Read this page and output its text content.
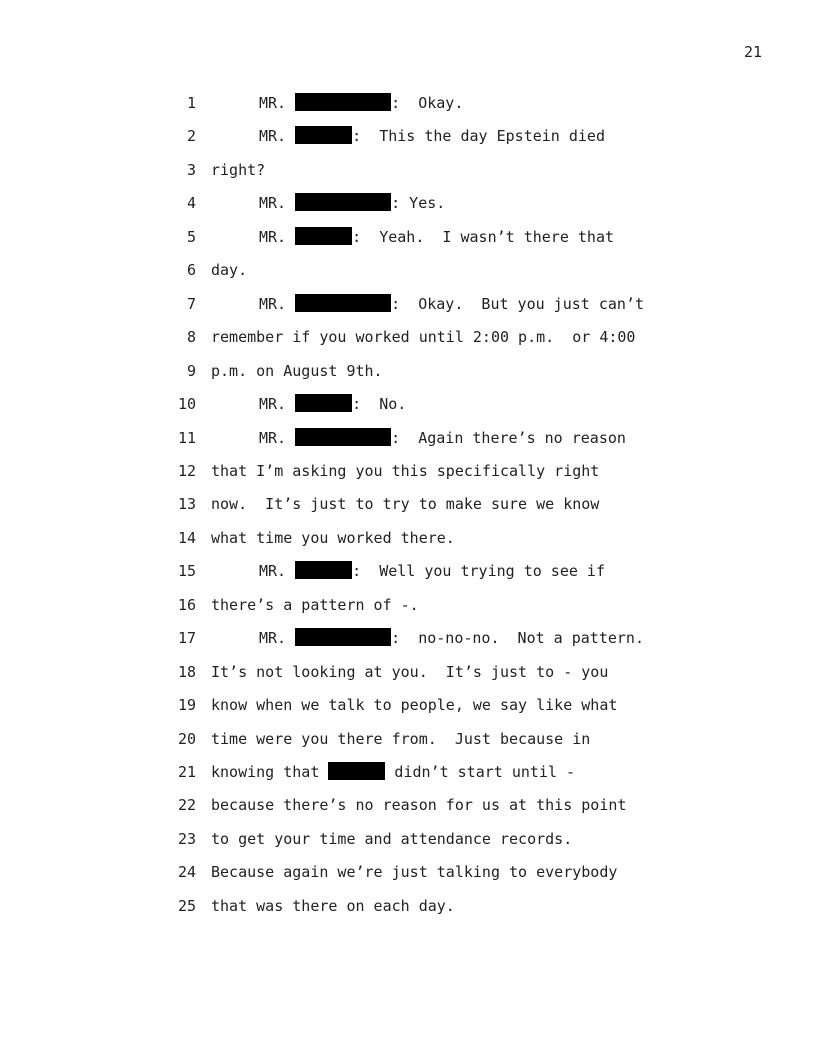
21
1	MR.	:  Okay.
2	MR.	:  This the day Epstein died
3 right?
4	MR.	: Yes.
5	MR.	:  Yeah.  I wasn’t there that
6 day.
7	MR.	:  Okay.  But you just can’t
8 remember if you worked until 2:00 p.m.  or 4:00
9 p.m. on August 9th.
10	MR.	:  No.
11	MR.	:  Again there’s no reason
12 that I’m asking you this specifically right
13 now.  It’s just to try to make sure we know
14 what time you worked there.
15	MR.	:  Well you trying to see if
16 there’s a pattern of -.
17	MR.	:  no-no-no.  Not a pattern.
18 It’s not looking at you.  It’s just to - you
19 know when we talk to people, we say like what
20 time were you there from.  Just because in
21 knowing that	didn’t start until -
22 because there’s no reason for us at this point
23 to get your time and attendance records.
24 Because again we’re just talking to everybody
25 that was there on each day.
